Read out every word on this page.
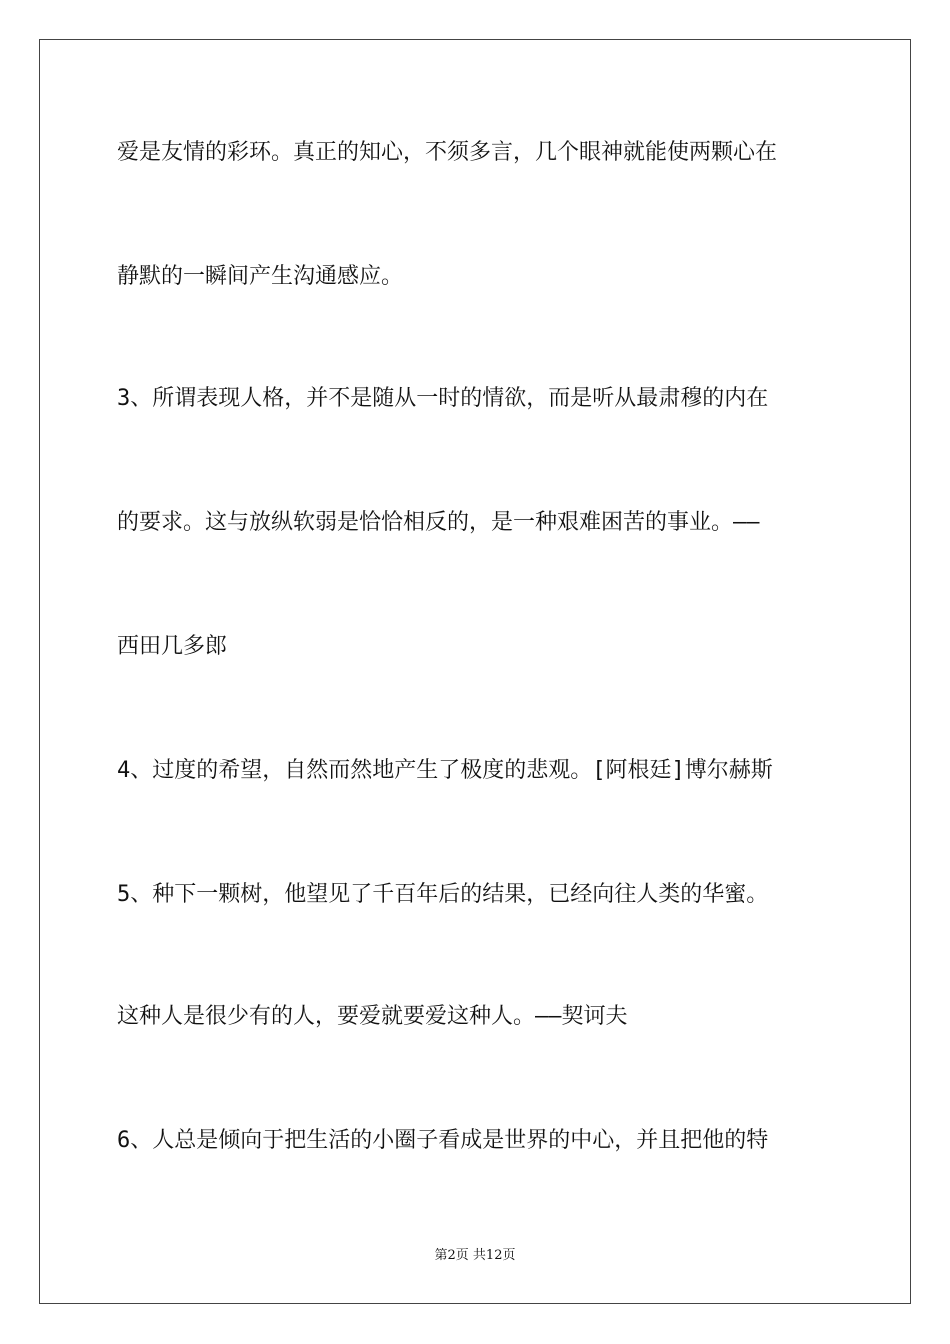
爱是友情的彩环。真正的知心，不须多言，几个眼神就能使两颗心在
静默的一瞬间产生沟通感应。
3、所谓表现人格，并不是随从一时的情欲，而是听从最肃穆的内在
的要求。这与放纵软弱是恰恰相反的，是一种艰难困苦的事业。——
西田几多郎
4、过度的希望，自然而然地产生了极度的悲观。[阿根廷]博尔赫斯
5、种下一颗树，他望见了千百年后的结果，已经向往人类的华蜜。
这种人是很少有的人，要爱就要爱这种人。——契诃夫
6、人总是倾向于把生活的小圈子看成是世界的中心，并且把他的特
第2页 共12页
